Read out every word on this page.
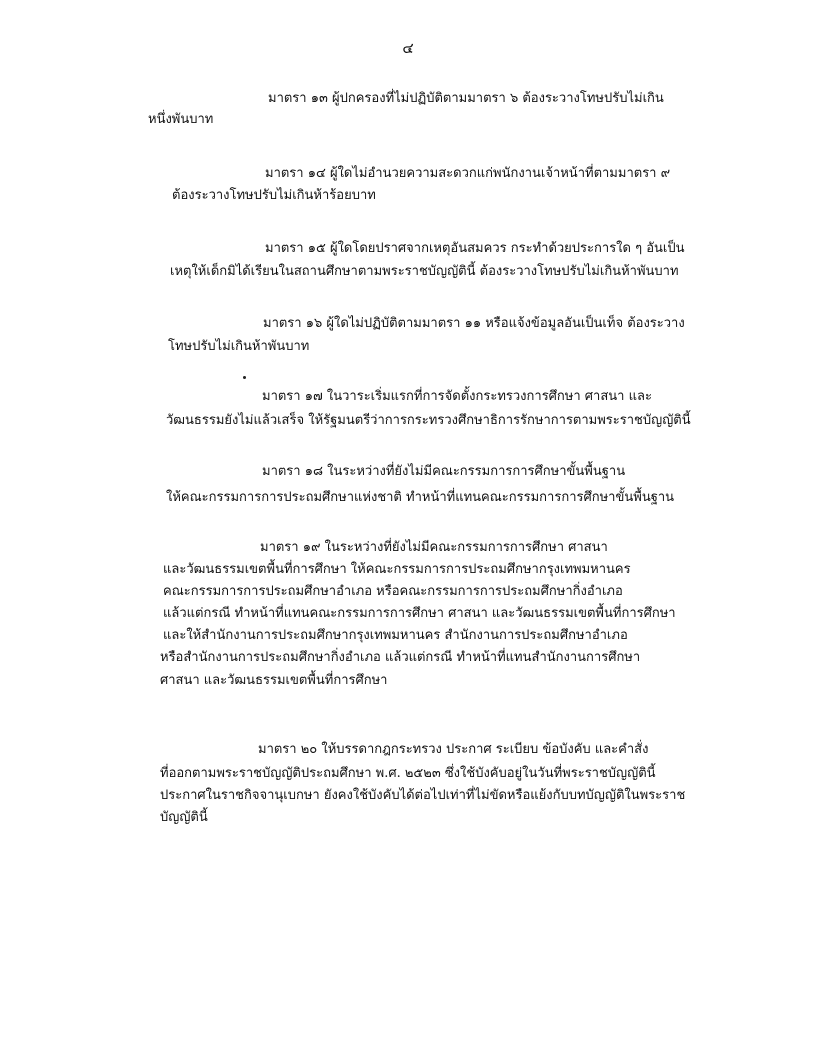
๔
มาตรา ๑๓ ผู้ปกครองที่ไม่ปฏิบัติตามมาตรา ๖ ต้องระวางโทษปรับไม่เกิน
หนึ่งพันบาท
มาตรา ๑๔ ผู้ใดไม่อำนวยความสะดวกแก่พนักงานเจ้าหน้าที่ตามมาตรา ๙
ต้องระวางโทษปรับไม่เกินห้าร้อยบาท
มาตรา ๑๕ ผู้ใดโดยปราศจากเหตุอันสมควร กระทำด้วยประการใด ๆ อันเป็น
เหตุให้เด็กมิได้เรียนในสถานศึกษาตามพระราชบัญญัตินี้ ต้องระวางโทษปรับไม่เกินห้าพันบาท
มาตรา ๑๖ ผู้ใดไม่ปฏิบัติตามมาตรา ๑๑ หรือแจ้งข้อมูลอันเป็นเท็จ ต้องระวาง
โทษปรับไม่เกินห้าพันบาท
มาตรา ๑๗ ในวาระเริ่มแรกที่การจัดตั้งกระทรวงการศึกษา ศาสนา และ
วัฒนธรรมยังไม่แล้วเสร็จ ให้รัฐมนตรีว่าการกระทรวงศึกษาธิการรักษาการตามพระราชบัญญัตินี้
มาตรา ๑๘ ในระหว่างที่ยังไม่มีคณะกรรมการการศึกษาขั้นพื้นฐาน
ให้คณะกรรมการการประถมศึกษาแห่งชาติ ทำหน้าที่แทนคณะกรรมการการศึกษาขั้นพื้นฐาน
มาตรา ๑๙ ในระหว่างที่ยังไม่มีคณะกรรมการการศึกษา ศาสนา
และวัฒนธรรมเขตพื้นที่การศึกษา ให้คณะกรรมการการประถมศึกษากรุงเทพมหานคร
คณะกรรมการการประถมศึกษาอำเภอ หรือคณะกรรมการการประถมศึกษากิ่งอำเภอ
แล้วแต่กรณี ทำหน้าที่แทนคณะกรรมการการศึกษา ศาสนา และวัฒนธรรมเขตพื้นที่การศึกษา
และให้สำนักงานการประถมศึกษากรุงเทพมหานคร สำนักงานการประถมศึกษาอำเภอ
หรือสำนักงานการประถมศึกษากิ่งอำเภอ แล้วแต่กรณี ทำหน้าที่แทนสำนักงานการศึกษา
ศาสนา และวัฒนธรรมเขตพื้นที่การศึกษา
มาตรา ๒๐ ให้บรรดากฎกระทรวง ประกาศ ระเบียบ ข้อบังคับ และคำสั่ง
ที่ออกตามพระราชบัญญัติประถมศึกษา พ.ศ. ๒๕๒๓ ซึ่งใช้บังคับอยู่ในวันที่พระราชบัญญัตินี้
ประกาศในราชกิจจานุเบกษา ยังคงใช้บังคับได้ต่อไปเท่าที่ไม่ขัดหรือแย้งกับบทบัญญัติในพระราช
บัญญัตินี้
